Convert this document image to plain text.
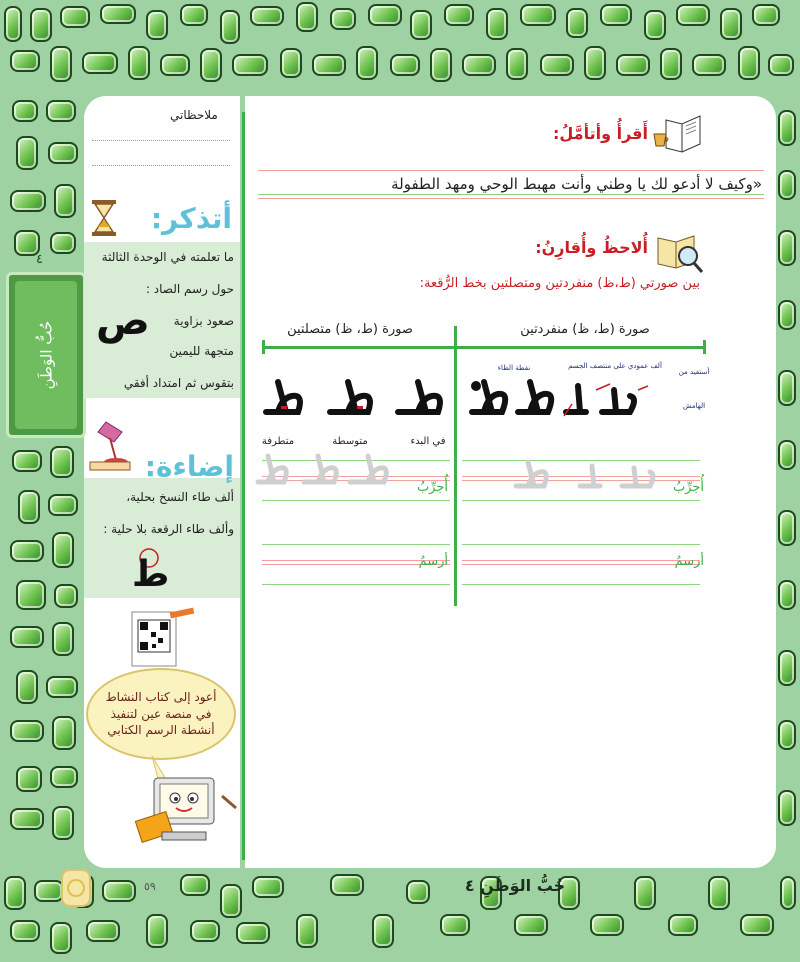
حُبُّ الوَطَنِ
٤
ملاحظاتي
أتذكر:
ما تعلمته في الوحدة الثالثة
حول رسم الصاد :
صعود بزاوية
متجهة لليمين
بتقوس ثم امتداد أفقي
ص
إضاءة:
ألف طاء النسخ بحلية،
وألف طاء الرقعة بلا حلية :
ط
أعود إلى كتاب النشاط في منصة عين لتنفيذ أنشطة الرسم الكتابي
أَقرأُ وأتأمَّلُ:
«وكيف لا أدعو لك يا وطني وأنت مهبط الوحي ومهد الطفولة
أُلاحظُ وأُقارِنُ:
بين صورتي (ط،ظ) منفردتين ومتصلتين بخط الرُّقعة:
صورة (ط، ظ) منفردتين
صورة (ط، ظ) متصلتين
ألف عمودي على منتصف الجسم
نقطة الظاء	أستفيد من
الهامش
في البدء
متوسطة
متطرفة
أُجرِّبُ
أرسمُ
أُجرِّبُ
أرسمُ
٥٩	حُبُّ الوَطَنِ ٤
